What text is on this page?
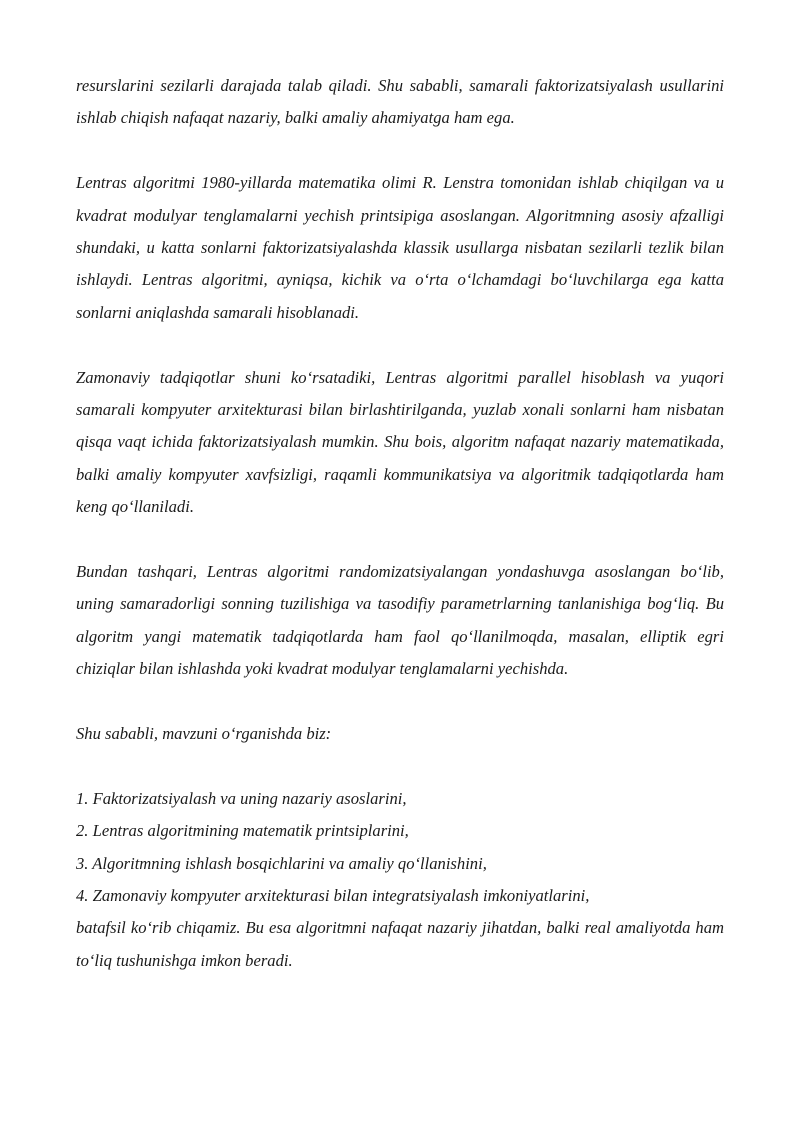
resurslarini sezilarli darajada talab qiladi. Shu sababli, samarali faktorizatsiyalash usullarini ishlab chiqish nafaqat nazariy, balki amaliy ahamiyatga ham ega.

Lentras algoritmi 1980-yillarda matematika olimi R. Lenstra tomonidan ishlab chiqilgan va u kvadrat modulyar tenglamalarni yechish printsipiga asoslangan. Algoritmning asosiy afzalligi shundaki, u katta sonlarni faktorizatsiyalashda klassik usullarga nisbatan sezilarli tezlik bilan ishlaydi. Lentras algoritmi, ayniqsa, kichik va o‘rta o‘lchamdagi bo‘luvchilarga ega katta sonlarni aniqlashda samarali hisoblanadi.

Zamonaviy tadqiqotlar shuni ko‘rsatadiki, Lentras algoritmi parallel hisoblash va yuqori samarali kompyuter arxitekturasi bilan birlashtirilganda, yuzlab xonali sonlarni ham nisbatan qisqa vaqt ichida faktorizatsiyalash mumkin. Shu bois, algoritm nafaqat nazariy matematikada, balki amaliy kompyuter xavfsizligi, raqamli kommunikatsiya va algoritmik tadqiqotlarda ham keng qo‘llaniladi.

Bundan tashqari, Lentras algoritmi randomizatsiyalangan yondashuvga asoslangan bo‘lib, uning samaradorligi sonning tuzilishiga va tasodifiy parametrlarning tanlanishiga bog‘liq. Bu algoritm yangi matematik tadqiqotlarda ham faol qo‘llanilmoqda, masalan, elliptik egri chiziqlar bilan ishlashda yoki kvadrat modulyar tenglamalarni yechishda.

Shu sababli, mavzuni o‘rganishda biz:

1. Faktorizatsiyalash va uning nazariy asoslarini,
2. Lentras algoritmining matematik printsiplarini,
3. Algoritmning ishlash bosqichlarini va amaliy qo‘llanishini,
4. Zamonaviy kompyuter arxitekturasi bilan integratsiyalash imkoniyatlarini,

batafsil ko‘rib chiqamiz. Bu esa algoritmni nafaqat nazariy jihatdan, balki real amaliyotda ham to‘liq tushunishga imkon beradi.
